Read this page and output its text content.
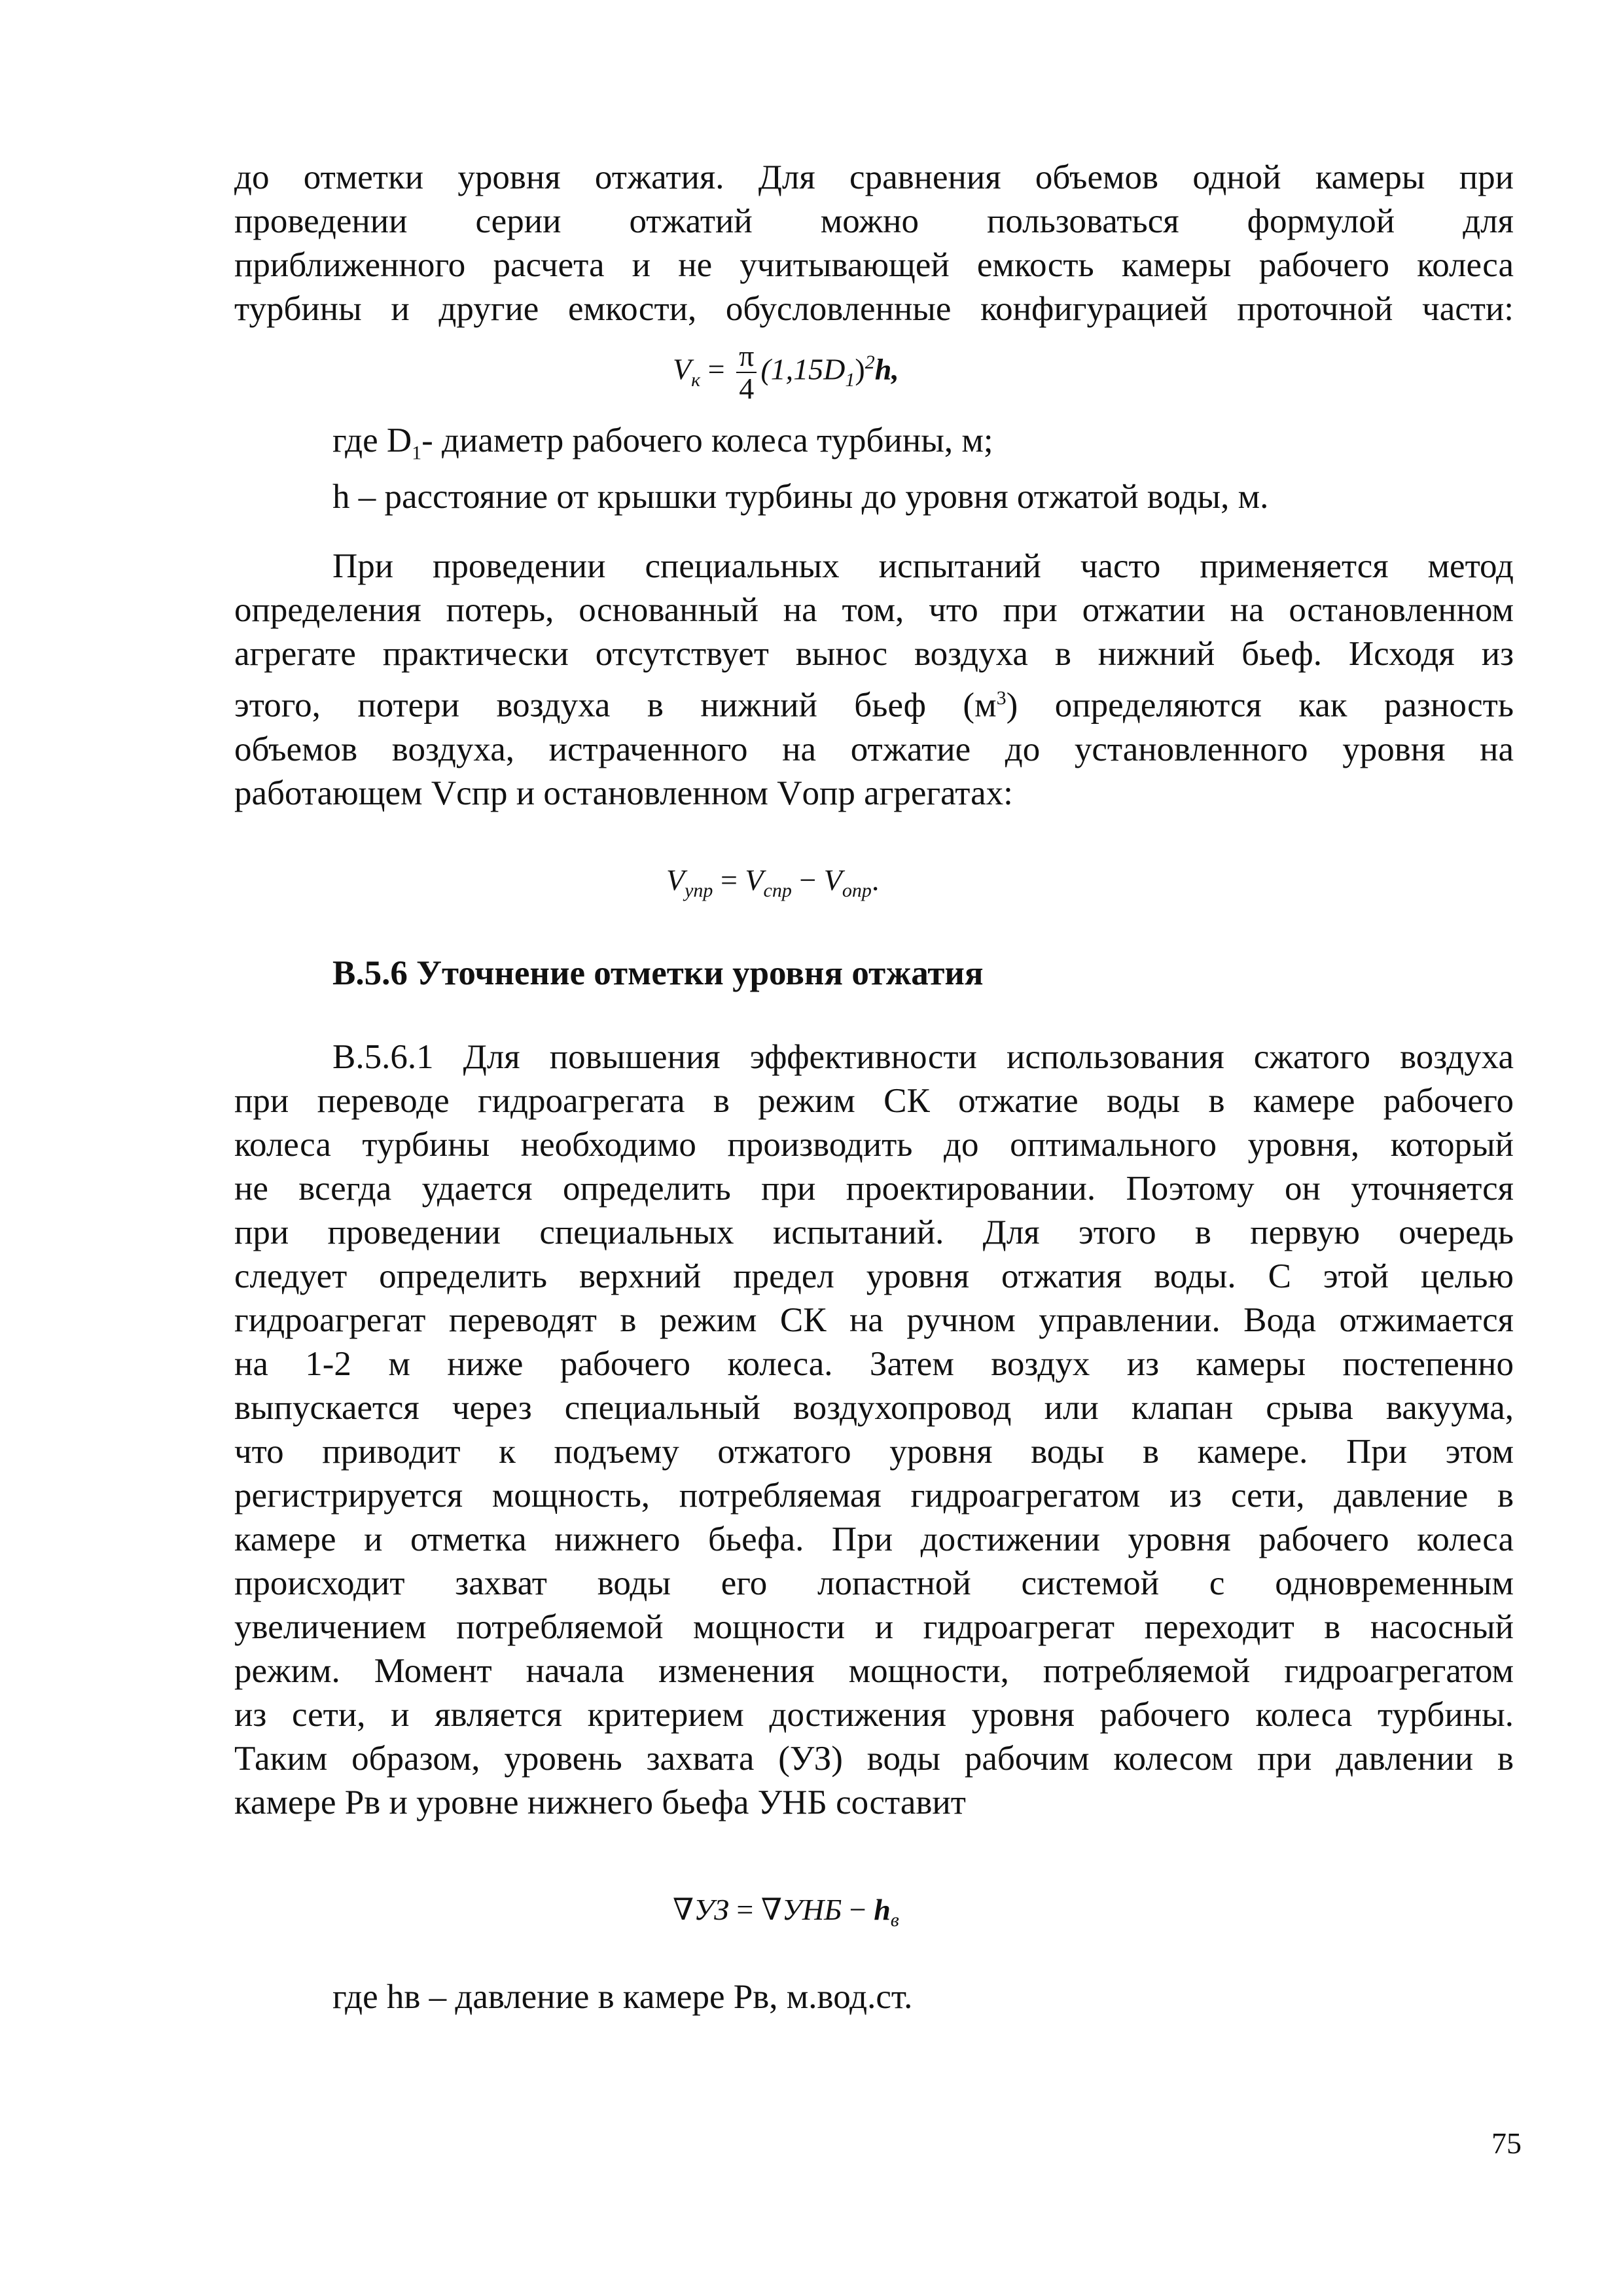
до отметки уровня отжатия. Для сравнения объемов одной камеры при
проведении серии отжатий можно пользоваться формулой для
приближенного расчета и не учитывающей емкость камеры рабочего колеса
турбины и другие емкости, обусловленные конфигурацией проточной части:
$V_к = \frac{\pi}{4} (1,15D_1)^2h$,
где $D_1-$ диаметр рабочего колеса турбины, м;
h – расстояние от крышки турбины до уровня отжатой воды, м.
При проведении специальных испытаний часто применяется метод
определения потерь, основанный на том, что при отжатии на остановленном
агрегате практически отсутствует вынос воздуха в нижний бьеф. Исходя из
этого, потери воздуха в нижний бьеф $(м^3)$ определяются как разность
объемов воздуха, истраченного на отжатие до установленного уровня на
работающем Vспр и остановленном Vопр агрегатах:
$V_{упр} = V_{спр} - V_{опр}$.
В.5.6 Уточнение отметки уровня отжатия
В.5.6.1 Для повышения эффективности использования сжатого воздуха
при переводе гидроагрегата в режим СК отжатие воды в камере рабочего
колеса турбины необходимо производить до оптимального уровня, который
не всегда удается определить при проектировании. Поэтому он уточняется
при проведении специальных испытаний. Для этого в первую очередь
следует определить верхний предел уровня отжатия воды. С этой целью
гидроагрегат переводят в режим СК на ручном управлении. Вода отжимается
на 1-2 м ниже рабочего колеса. Затем воздух из камеры постепенно
выпускается через специальный воздухопровод или клапан срыва вакуума,
что приводит к подъему отжатого уровня воды в камере. При этом
регистрируется мощность, потребляемая гидроагрегатом из сети, давление в
камере и отметка нижнего бьефа. При достижении уровня рабочего колеса
происходит захват воды его лопастной системой с одновременным
увеличением потребляемой мощности и гидроагрегат переходит в насосный
режим. Момент начала изменения мощности, потребляемой гидроагрегатом
из сети, и является критерием достижения уровня рабочего колеса турбины.
Таким образом, уровень захвата (УЗ) воды рабочим колесом при давлении в
камере Рв и уровне нижнего бьефа УНБ составит
$\nabla УЗ = \nabla УНБ - h_в$
где hв – давление в камере Рв, м.вод.ст.
75
